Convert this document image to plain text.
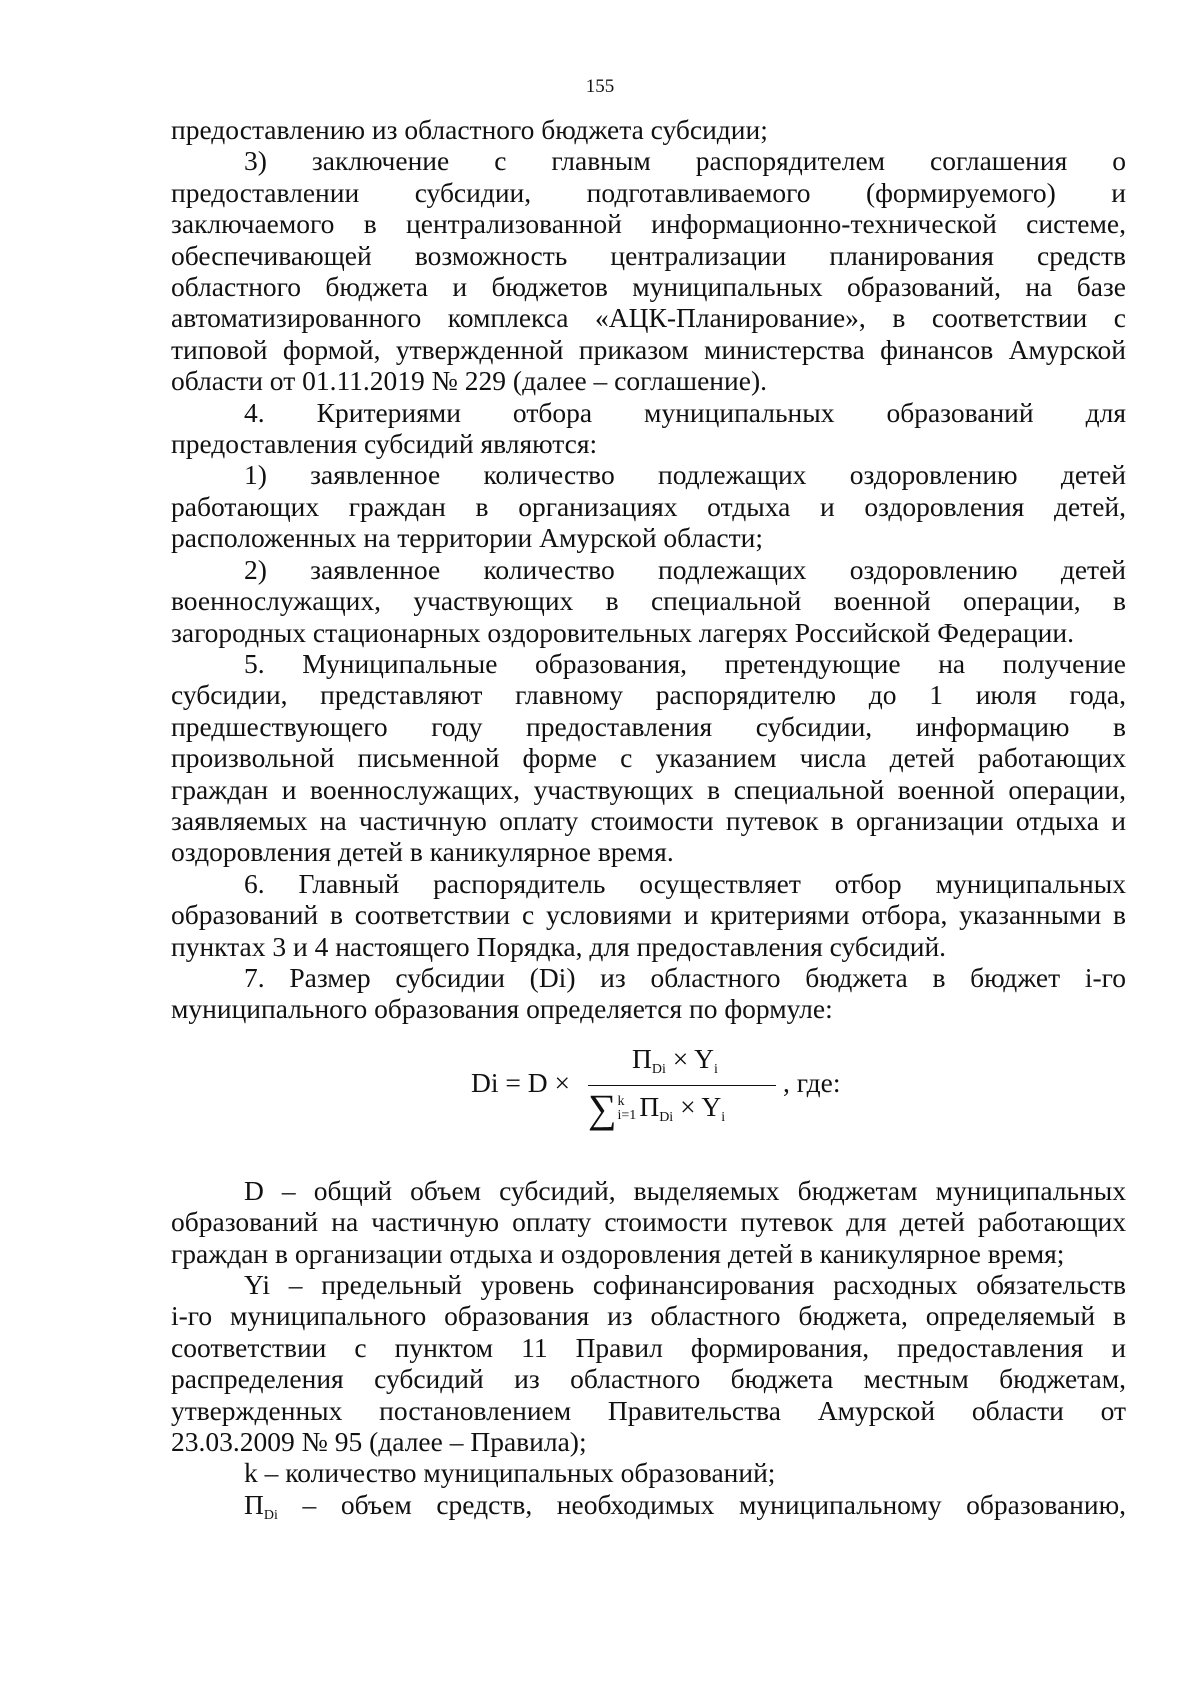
155

предоставлению из областного бюджета субсидии;

3) заключение с главным распорядителем соглашения о

предоставлении субсидии, подготавливаемого (формируемого) и

заключаемого в централизованной информационно-технической системе,

обеспечивающей возможность централизации планирования средств

областного бюджета и бюджетов муниципальных образований, на базе

автоматизированного комплекса «АЦК-Планирование», в соответствии с

типовой формой, утвержденной приказом министерства финансов Амурской

области от 01.11.2019 № 229 (далее – соглашение).

4. Критериями отбора муниципальных образований для

предоставления субсидий являются:

1) заявленное количество подлежащих оздоровлению детей

работающих граждан в организациях отдыха и оздоровления детей,

расположенных на территории Амурской области;

2) заявленное количество подлежащих оздоровлению детей

военнослужащих, участвующих в специальной военной операции, в

загородных стационарных оздоровительных лагерях Российской Федерации.

5. Муниципальные образования, претендующие на получение

субсидии, представляют главному распорядителю до 1 июля года,

предшествующего году предоставления субсидии, информацию в

произвольной письменной форме с указанием числа детей работающих

граждан и военнослужащих, участвующих в специальной военной операции,

заявляемых на частичную оплату стоимости путевок в организации отдыха и

оздоровления детей в каникулярное время.

6. Главный распорядитель осуществляет отбор муниципальных

образований в соответствии с условиями и критериями отбора, указанными в

пунктах 3 и 4 настоящего Порядка, для предоставления субсидий.

7. Размер субсидии (Di) из областного бюджета в бюджет i-го

муниципального образования определяется по формуле:

Di = D ×
$П_{Di} \times Y_i$
∑ k
i=1 $П_{Di} \times Y_i$
, где:

D – общий объем субсидий, выделяемых бюджетам муниципальных

образований на частичную оплату стоимости путевок для детей работающих

граждан в организации отдыха и оздоровления детей в каникулярное время;

Yi – предельный уровень софинансирования расходных обязательств

i-го муниципального образования из областного бюджета, определяемый в

соответствии с пунктом 11 Правил формирования, предоставления и

распределения субсидий из областного бюджета местным бюджетам,

утвержденных постановлением Правительства Амурской области от

23.03.2009 № 95 (далее – Правила);

k – количество муниципальных образований;

$П_{Di}$ – объем средств, необходимых муниципальному образованию,
